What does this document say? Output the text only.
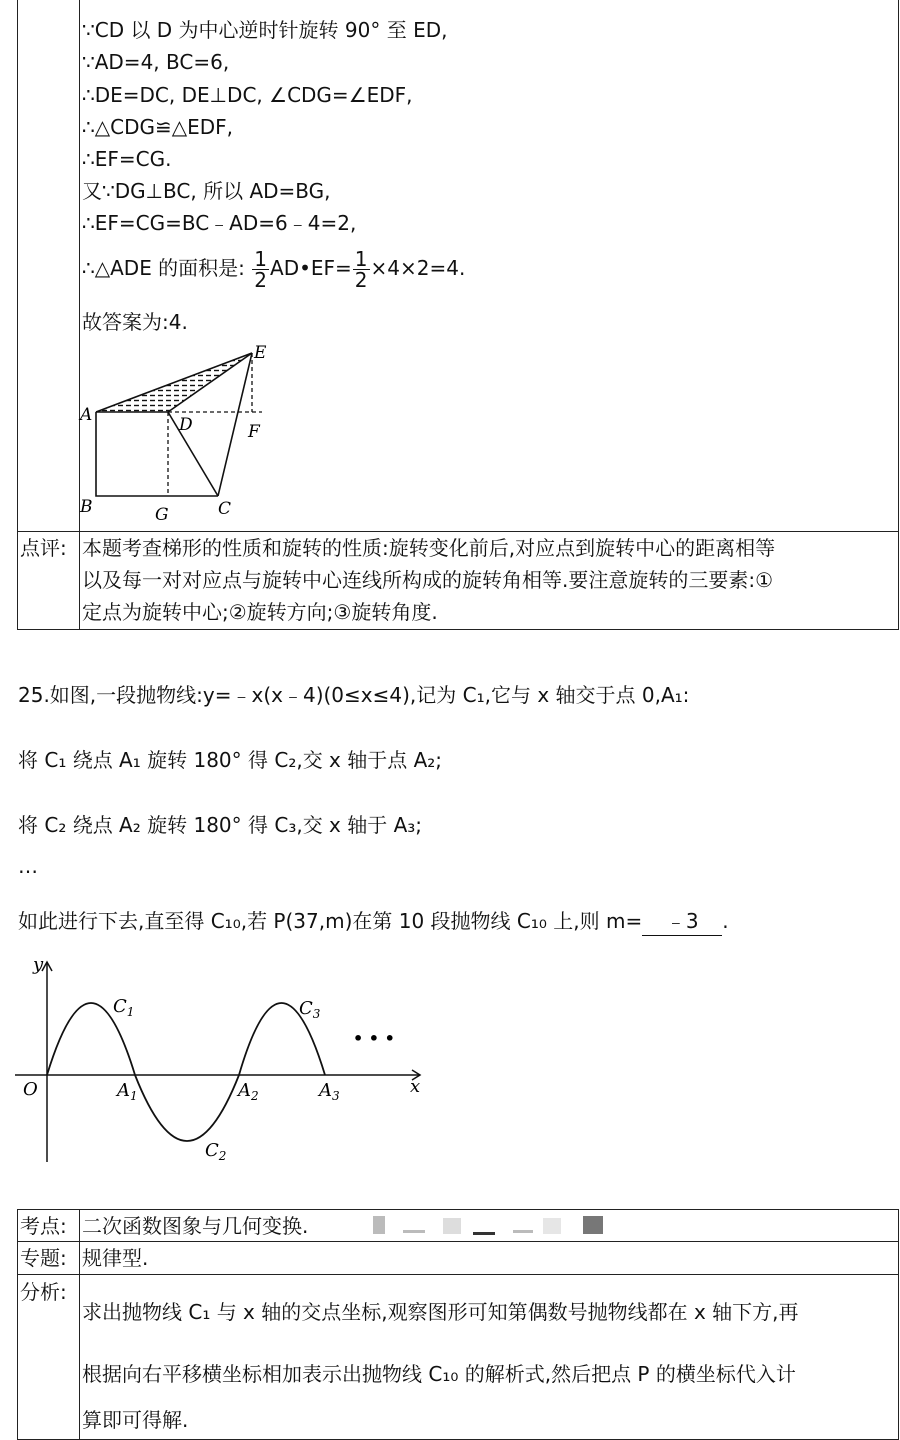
∵CD 以 D 为中心逆时针旋转 90° 至 ED,
∵AD=4, BC=6,
∴DE=DC, DE⊥DC, ∠CDG=∠EDF,
∴△CDG≌△EDF,
∴EF=CG.
又∵DG⊥BC, 所以 AD=BG,
∴EF=CG=BC﹣AD=6﹣4=2,
∴△ADE 的面积是: $\frac{1}{2}$ AD•EF= $\frac{1}{2} \times 4\times 2=4$.
故答案为:4.
A
B	C
D
E
F
G
点评: 本题考查梯形的性质和旋转的性质:旋转变化前后,对应点到旋转中心的距离相等
以及每一对对应点与旋转中心连线所构成的旋转角相等.要注意旋转的三要素:①
定点为旋转中心;②旋转方向;③旋转角度.
25.如图,一段抛物线:y=﹣x(x﹣4)(0≤x≤4),记为 C₁,它与 x 轴交于点 0,A₁:
将 C₁ 绕点 A₁ 旋转 180° 得 C₂,交 x 轴于点 A₂;
将 C₂ 绕点 A₂ 旋转 180° 得 C₃,交 x 轴于 A₃;
…
如此进行下去,直至得 C₁₀,若 P(37,m)在第 10 段抛物线 C₁₀ 上,则 m= ﹣3 .
y
x
O
$C_1$
$C_2$
$C_3$
$A_1$	$A_2$	$A_3$
• • •
考点: 二次函数图象与几何变换.
专题: 规律型.
分析:
求出抛物线 C₁ 与 x 轴的交点坐标,观察图形可知第偶数号抛物线都在 x 轴下方,再
根据向右平移横坐标相加表示出抛物线 C₁₀ 的解析式,然后把点 P 的横坐标代入计
算即可得解.
